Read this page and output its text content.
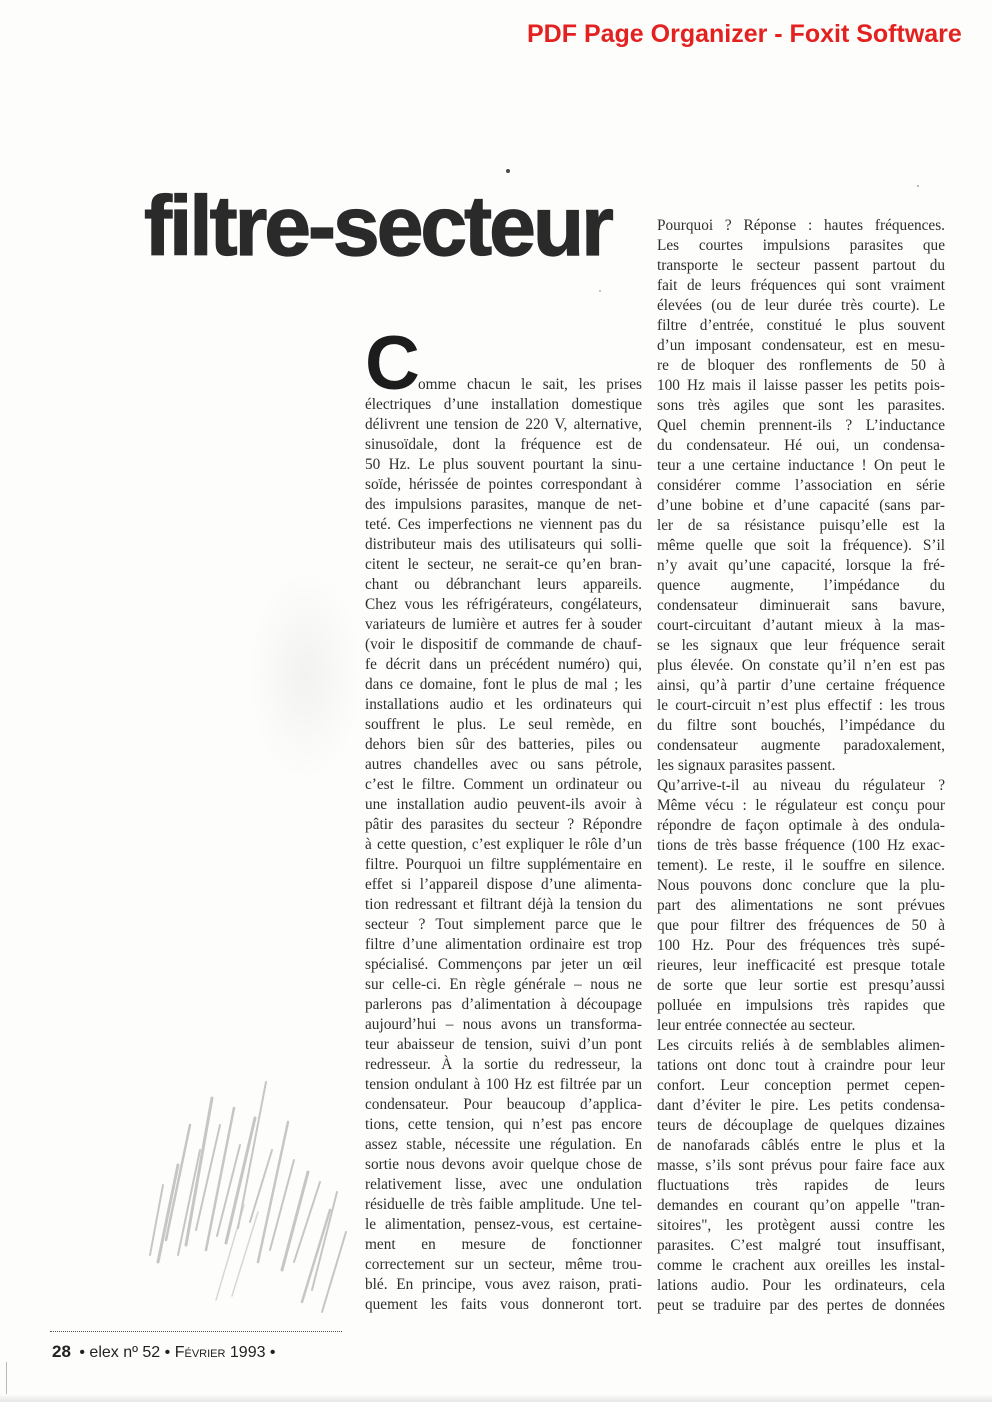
PDF Page Organizer - Foxit Software
filtre-secteur
C
omme chacun le sait, les prises
électriques d’une installation domestique
délivrent une tension de 220 V, alternative,
sinusoïdale, dont la fréquence est de
50 Hz. Le plus souvent pourtant la sinu-
soïde, hérissée de pointes correspondant à
des impulsions parasites, manque de net-
teté. Ces imperfections ne viennent pas du
distributeur mais des utilisateurs qui solli-
citent le secteur, ne serait-ce qu’en bran-
chant ou débranchant leurs appareils.
Chez vous les réfrigérateurs, congélateurs,
variateurs de lumière et autres fer à souder
(voir le dispositif de commande de chauf-
fe décrit dans un précédent numéro) qui,
dans ce domaine, font le plus de mal ; les
installations audio et les ordinateurs qui
souffrent le plus. Le seul remède, en
dehors bien sûr des batteries, piles ou
autres chandelles avec ou sans pétrole,
c’est le filtre. Comment un ordinateur ou
une installation audio peuvent-ils avoir à
pâtir des parasites du secteur ? Répondre
à cette question, c’est expliquer le rôle d’un
filtre. Pourquoi un filtre supplémentaire en
effet si l’appareil dispose d’une alimenta-
tion redressant et filtrant déjà la tension du
secteur ? Tout simplement parce que le
filtre d’une alimentation ordinaire est trop
spécialisé. Commençons par jeter un œil
sur celle-ci. En règle générale – nous ne
parlerons pas d’alimentation à découpage
aujourd’hui – nous avons un transforma-
teur abaisseur de tension, suivi d’un pont
redresseur. À la sortie du redresseur, la
tension ondulant à 100 Hz est filtrée par un
condensateur. Pour beaucoup d’applica-
tions, cette tension, qui n’est pas encore
assez stable, nécessite une régulation. En
sortie nous devons avoir quelque chose de
relativement lisse, avec une ondulation
résiduelle de très faible amplitude. Une tel-
le alimentation, pensez-vous, est certaine-
ment en mesure de fonctionner
correctement sur un secteur, même trou-
blé. En principe, vous avez raison, prati-
quement les faits vous donneront tort.
Pourquoi ? Réponse : hautes fréquences.
Les courtes impulsions parasites que
transporte le secteur passent partout du
fait de leurs fréquences qui sont vraiment
élevées (ou de leur durée très courte). Le
filtre d’entrée, constitué le plus souvent
d’un imposant condensateur, est en mesu-
re de bloquer des ronflements de 50 à
100 Hz mais il laisse passer les petits pois-
sons très agiles que sont les parasites.
Quel chemin prennent-ils ? L’inductance
du condensateur. Hé oui, un condensa-
teur a une certaine inductance ! On peut le
considérer comme l’association en série
d’une bobine et d’une capacité (sans par-
ler de sa résistance puisqu’elle est la
même quelle que soit la fréquence). S’il
n’y avait qu’une capacité, lorsque la fré-
quence augmente, l’impédance du
condensateur diminuerait sans bavure,
court-circuitant d’autant mieux à la mas-
se les signaux que leur fréquence serait
plus élevée. On constate qu’il n’en est pas
ainsi, qu’à partir d’une certaine fréquence
le court-circuit n’est plus effectif : les trous
du filtre sont bouchés, l’impédance du
condensateur augmente paradoxalement,
les signaux parasites passent.
Qu’arrive-t-il au niveau du régulateur ?
Même vécu : le régulateur est conçu pour
répondre de façon optimale à des ondula-
tions de très basse fréquence (100 Hz exac-
tement). Le reste, il le souffre en silence.
Nous pouvons donc conclure que la plu-
part des alimentations ne sont prévues
que pour filtrer des fréquences de 50 à
100 Hz. Pour des fréquences très supé-
rieures, leur inefficacité est presque totale
de sorte que leur sortie est presqu’aussi
polluée en impulsions très rapides que
leur entrée connectée au secteur.
Les circuits reliés à de semblables alimen-
tations ont donc tout à craindre pour leur
confort. Leur conception permet cepen-
dant d’éviter le pire. Les petits condensa-
teurs de découplage de quelques dizaines
de nanofarads câblés entre le plus et la
masse, s’ils sont prévus pour faire face aux
fluctuations très rapides de leurs
demandes en courant qu’on appelle "tran-
sitoires", les protègent aussi contre les
parasites. C’est malgré tout insuffisant,
comme le crachent aux oreilles les instal-
lations audio. Pour les ordinateurs, cela
peut se traduire par des pertes de données
28 • elex nº 52 • Février 1993 •
